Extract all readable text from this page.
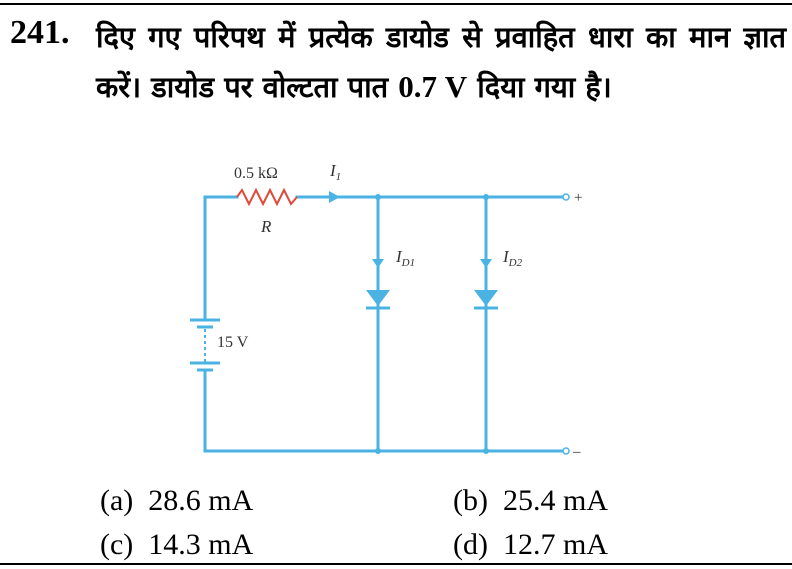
241. दिए गए परिपथ में प्रत्येक डायोड से प्रवाहित धारा का मान ज्ञात करें। डायोड पर वोल्टता पात 0.7 V दिया गया है।
0.5 kΩ
R
$I_1$
$I_{D1}$	$I_{D2}$
15 V
+
–
(a) 28.6 mA	(b) 25.4 mA
(c) 14.3 mA	(d) 12.7 mA
